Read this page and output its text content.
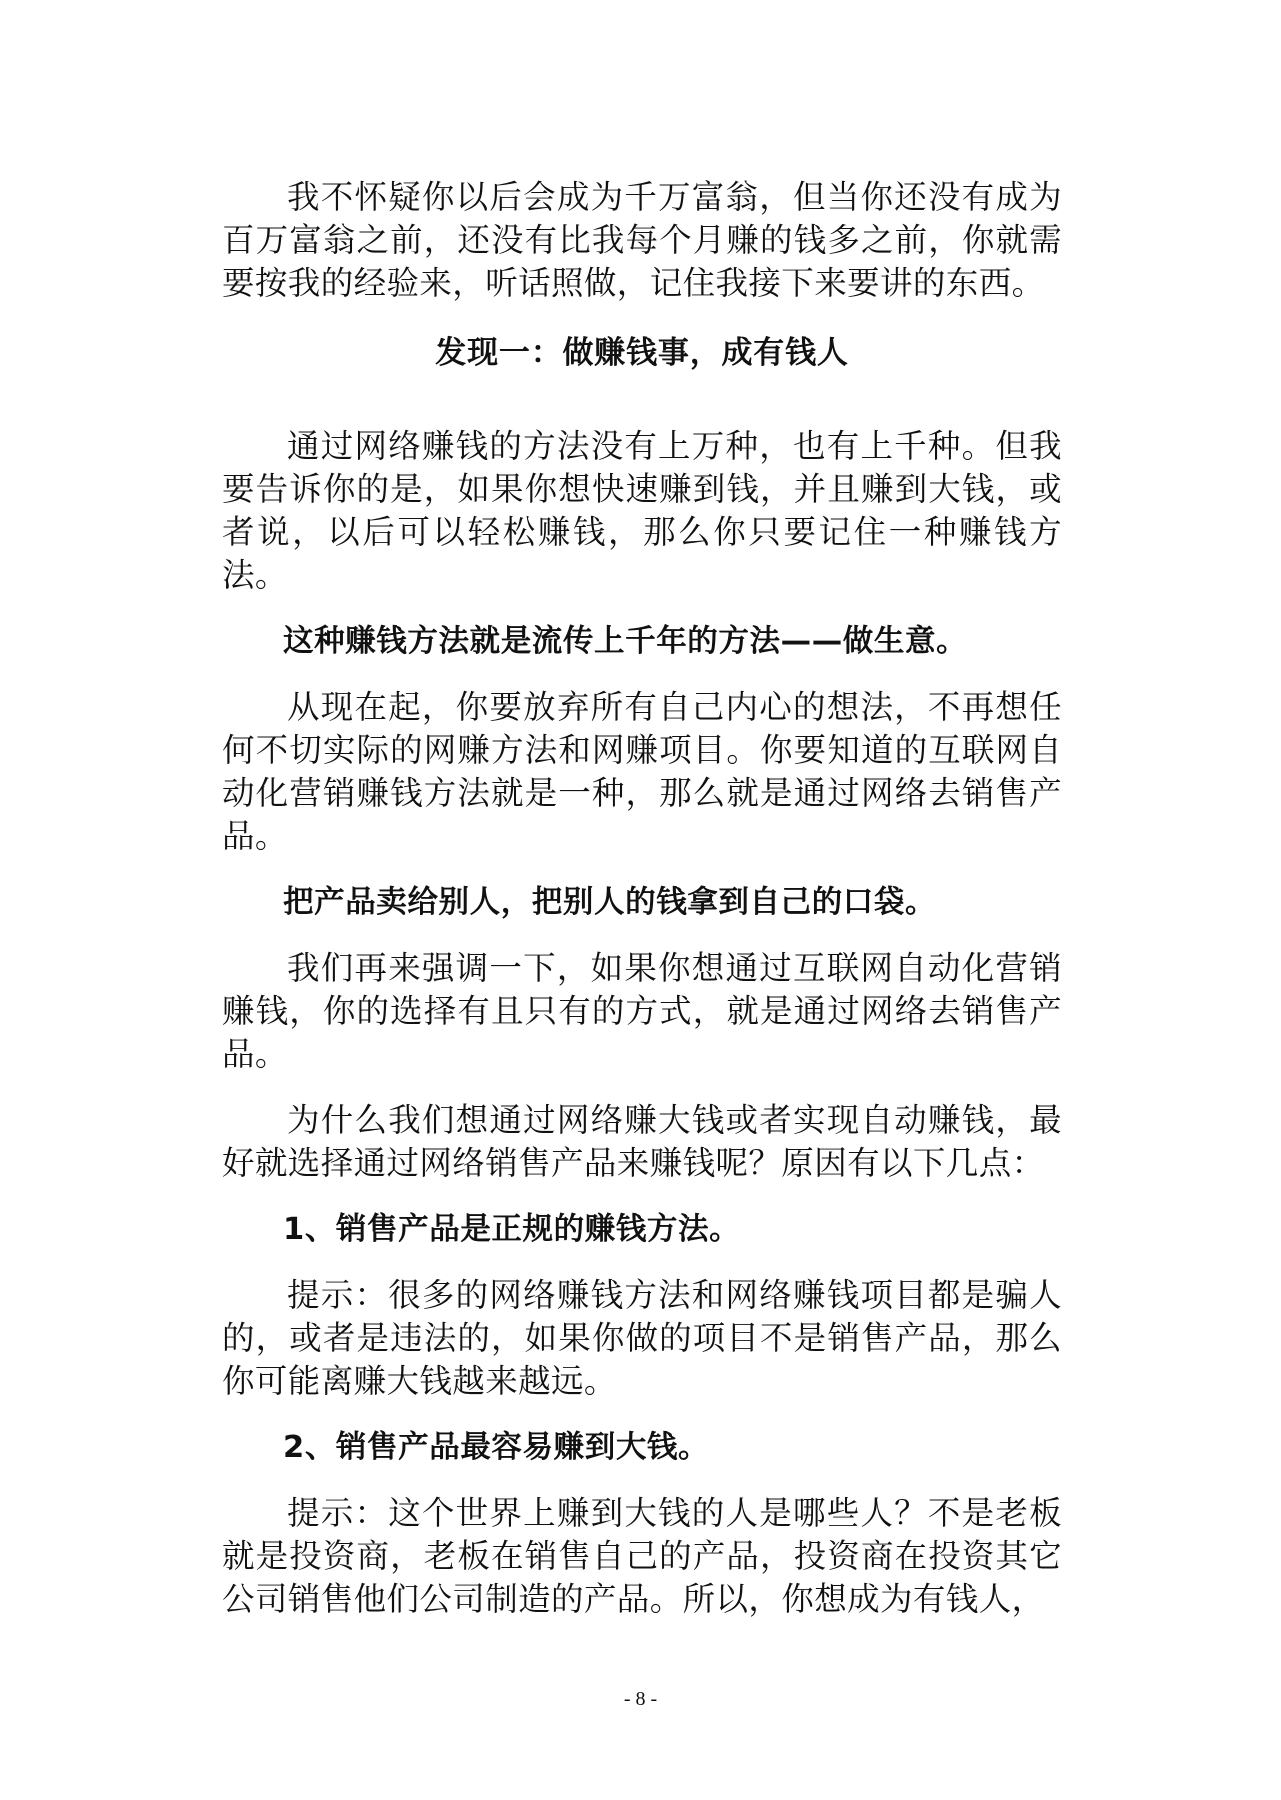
我不怀疑你以后会成为千万富翁，但当你还没有成为百万富翁之前，还没有比我每个月赚的钱多之前，你就需要按我的经验来，听话照做，记住我接下来要讲的东西。

发现一：做赚钱事，成有钱人

通过网络赚钱的方法没有上万种，也有上千种。但我要告诉你的是，如果你想快速赚到钱，并且赚到大钱，或者说，以后可以轻松赚钱，那么你只要记住一种赚钱方法。

这种赚钱方法就是流传上千年的方法——做生意。

从现在起，你要放弃所有自己内心的想法，不再想任何不切实际的网赚方法和网赚项目。你要知道的互联网自动化营销赚钱方法就是一种，那么就是通过网络去销售产品。

把产品卖给别人，把别人的钱拿到自己的口袋。

我们再来强调一下，如果你想通过互联网自动化营销赚钱，你的选择有且只有的方式，就是通过网络去销售产品。

为什么我们想通过网络赚大钱或者实现自动赚钱，最好就选择通过网络销售产品来赚钱呢？原因有以下几点：

1、销售产品是正规的赚钱方法。

提示：很多的网络赚钱方法和网络赚钱项目都是骗人的，或者是违法的，如果你做的项目不是销售产品，那么你可能离赚大钱越来越远。

2、销售产品最容易赚到大钱。

提示：这个世界上赚到大钱的人是哪些人？不是老板就是投资商，老板在销售自己的产品，投资商在投资其它公司销售他们公司制造的产品。所以，你想成为有钱人，

- 8 -
